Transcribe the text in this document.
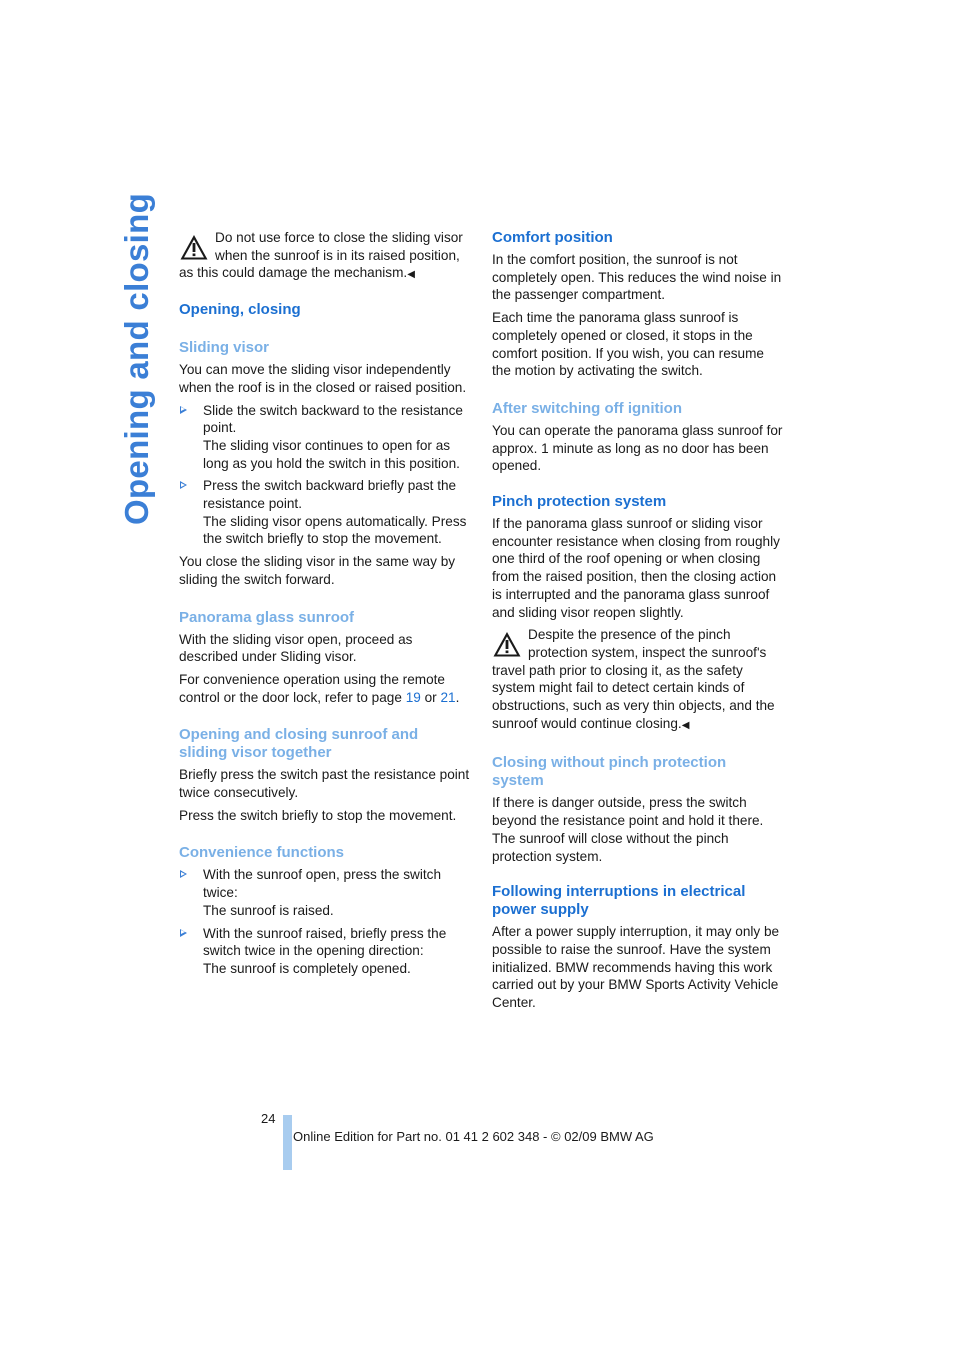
Opening and closing	Do not use force to close the sliding visor when the sunroof is in its raised position, as this could damage the mechanism.◀

Opening, closing
Sliding visor

You can move the sliding visor independently when the roof is in the closed or raised position.

Slide the switch backward to the resistance point.
The sliding visor continues to open for as long as you hold the switch in this position.
Press the switch backward briefly past the resistance point.
The sliding visor opens automatically. Press the switch briefly to stop the movement.

You close the sliding visor in the same way by sliding the switch forward.

Panorama glass sunroof

With the sliding visor open, proceed as described under Sliding visor.

For convenience operation using the remote control or the door lock, refer to page 19 or 21.

Opening and closing sunroof and
sliding visor together

Briefly press the switch past the resistance point twice consecutively.

Press the switch briefly to stop the movement.

Convenience functions
With the sunroof open, press the switch
twice:
The sunroof is raised.
With the sunroof raised, briefly press the
switch twice in the opening direction:
The sunroof is completely opened.
Comfort position

In the comfort position, the sunroof is not completely open. This reduces the wind noise in the passenger compartment.

Each time the panorama glass sunroof is completely opened or closed, it stops in the comfort position. If you wish, you can resume the motion by activating the switch.

After switching off ignition

You can operate the panorama glass sunroof for approx. 1 minute as long as no door has been opened.

Pinch protection system

If the panorama glass sunroof or sliding visor encounter resistance when closing from roughly one third of the roof opening or when closing from the raised position, then the closing action is interrupted and the panorama glass sunroof and sliding visor reopen slightly.

Despite the presence of the pinch protection system, inspect the sunroof's travel path prior to closing it, as the safety system might fail to detect certain kinds of obstructions, such as very thin objects, and the sunroof would continue closing.◀

Closing without pinch protection
system

If there is danger outside, press the switch beyond the resistance point and hold it there. The sunroof will close without the pinch protection system.

Following interruptions in electrical
power supply

After a power supply interruption, it may only be possible to raise the sunroof. Have the system initialized. BMW recommends having this work carried out by your BMW Sports Activity Vehicle Center.

24
Online Edition for Part no. 01 41 2 602 348 - © 02/09 BMW AG
